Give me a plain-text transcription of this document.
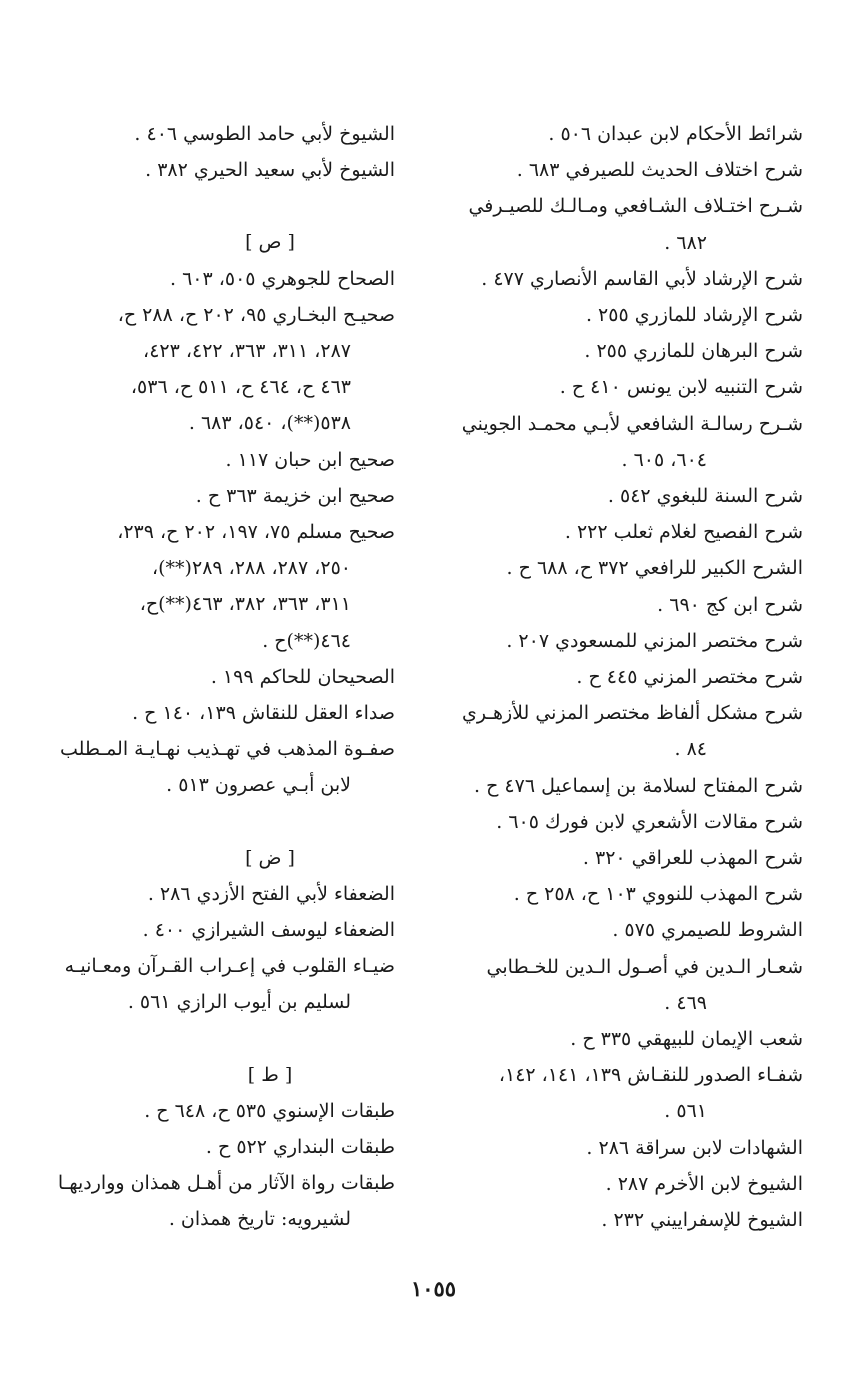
شرائط الأحكام لابن عبدان ٥٠٦ .
شرح اختلاف الحديث للصيرفي ٦٨٣ .
شـرح اختـلاف الشـافعي ومـالـك للصيـرفي
٦٨٢ .
شرح الإرشاد لأبي القاسم الأنصاري ٤٧٧ .
شرح الإرشاد للمازري ٢٥٥ .
شرح البرهان للمازري ٢٥٥ .
شرح التنبيه لابن يونس ٤١٠ ح .
شـرح رسالـة الشافعي لأبـي محمـد الجويني
٦٠٤، ٦٠٥ .
شرح السنة للبغوي ٥٤٢ .
شرح الفصيح لغلام ثعلب ٢٢٢ .
الشرح الكبير للرافعي ٣٧٢ ح، ٦٨٨ ح .
شرح ابن كج ٦٩٠ .
شرح مختصر المزني للمسعودي ٢٠٧ .
شرح مختصر المزني ٤٤٥ ح .
شرح مشكل ألفاظ مختصر المزني للأزهـري
٨٤ .
شرح المفتاح لسلامة بن إسماعيل ٤٧٦ ح .
شرح مقالات الأشعري لابن فورك ٦٠٥ .
شرح المهذب للعراقي ٣٢٠ .
شرح المهذب للنووي ١٠٣ ح، ٢٥٨ ح .
الشروط للصيمري ٥٧٥ .
شعـار الـدين في أصـول الـدين للخـطابي
٤٦٩ .
شعب الإيمان للبيهقي ٣٣٥ ح .
شفـاء الصدور للنقـاش ١٣٩، ١٤١، ١٤٢،
٥٦١ .
الشهادات لابن سراقة ٢٨٦ .
الشيوخ لابن الأخرم ٢٨٧ .
الشيوخ للإسفراييني ٢٣٢ .
الشيوخ لأبي حامد الطوسي ٤٠٦ .
الشيوخ لأبي سعيد الحيري ٣٨٢ .
[ ص ]
الصحاح للجوهري ٥٠٥، ٦٠٣ .
صحيـح البخـاري ٩٥، ٢٠٢ ح، ٢٨٨ ح،
٢٨٧، ٣١١، ٣٦٣، ٤٢٢، ٤٢٣،
٤٦٣ ح، ٤٦٤ ح، ٥١١ ح، ٥٣٦،
٥٣٨(**)، ٥٤٠، ٦٨٣ .
صحيح ابن حبان ١١٧ .
صحيح ابن خزيمة ٣٦٣ ح .
صحيح مسلم ٧٥، ١٩٧، ٢٠٢ ح، ٢٣٩،
٢٥٠، ٢٨٧، ٢٨٨، ٢٨٩(**)،
٣١١، ٣٦٣، ٣٨٢، ٤٦٣(**)ح،
٤٦٤(**)ح .
الصحيحان للحاكم ١٩٩ .
صداء العقل للنقاش ١٣٩، ١٤٠ ح .
صفـوة المذهب في تهـذيب نهـايـة المـطلب
لابن أبـي عصرون ٥١٣ .
[ ض ]
الضعفاء لأبي الفتح الأزدي ٢٨٦ .
الضعفاء ليوسف الشيرازي ٤٠٠ .
ضيـاء القلوب في إعـراب القـرآن ومعـانيـه
لسليم بن أيوب الرازي ٥٦١ .
[ ط ]
طبقات الإسنوي ٥٣٥ ح، ٦٤٨ ح .
طبقات البنداري ٥٢٢ ح .
طبقات رواة الآثار من أهـل همذان وواردیهـا
لشيرويه: تاريخ همذان .
١٠٥٥
